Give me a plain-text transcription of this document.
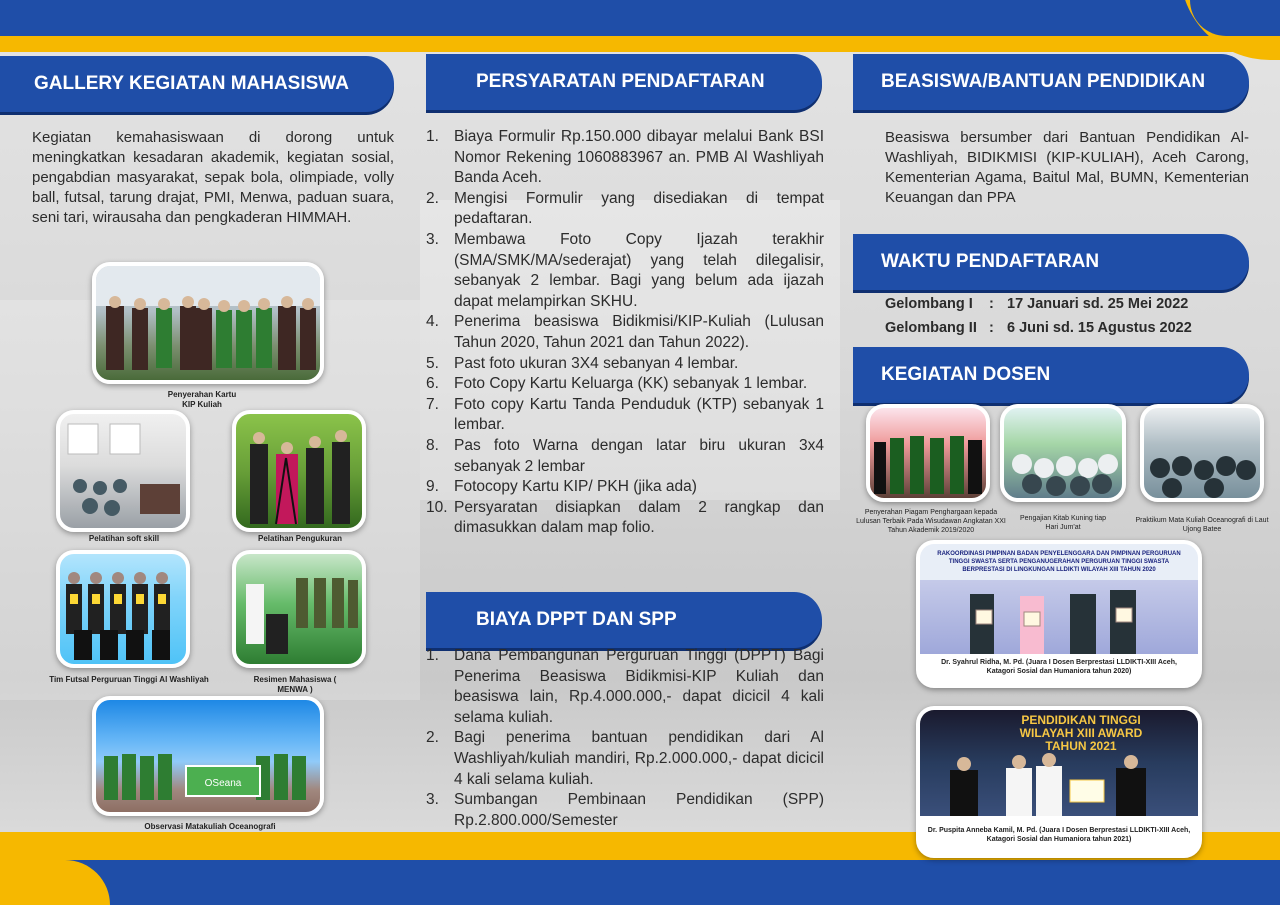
GALLERY KEGIATAN MAHASISWA

Kegiatan kemahasiswaan di dorong untuk meningkatkan kesadaran akademik, kegiatan sosial, pengabdian masyarakat, sepak bola, olimpiade, volly ball, futsal, tarung drajat, PMI, Menwa, paduan suara, seni tari, wirausaha dan pengkaderan HIMMAH.

Penyerahan Kartu KIP Kuliah
Pelatihan soft skill	Pelatihan Pengukuran
Tim Futsal Perguruan Tinggi Al Washliyah	Resimen Mahasiswa ( MENWA )
OSeana
Observasi Matakuliah Oceanografi
PERSYARATAN PENDAFTARAN
1. Biaya Formulir Rp.150.000 dibayar melalui Bank BSI Nomor Rekening 1060883967 an. PMB Al Washliyah Banda Aceh.
2. Mengisi Formulir yang disediakan di tempat pedaftaran.
3. Membawa Foto Copy Ijazah terakhir (SMA/SMK/MA/sederajat) yang telah dilegalisir, sebanyak 2 lembar. Bagi yang belum ada ijazah dapat melampirkan SKHU.
4. Penerima beasiswa Bidikmisi/KIP-Kuliah (Lulusan Tahun 2020, Tahun 2021 dan Tahun 2022).
5. Past foto ukuran 3X4 sebanyan 4 lembar.
6. Foto Copy Kartu Keluarga (KK) sebanyak 1 lembar.
7. Foto copy Kartu Tanda Penduduk (KTP) sebanyak 1 lembar.
8. Pas foto Warna dengan latar biru ukuran 3x4 sebanyak 2 lembar
9. Fotocopy Kartu KIP/ PKH (jika ada)
10. Persyaratan disiapkan dalam 2 rangkap dan dimasukkan dalam map folio.
BIAYA DPPT DAN SPP
1. Dana Pembangunan Perguruan Tinggi (DPPT) Bagi Penerima Beasiswa Bidikmisi-KIP Kuliah dan beasiswa lain, Rp.4.000.000,- dapat dicicil 4 kali selama kuliah.
2. Bagi penerima bantuan pendidikan dari Al Washliyah/kuliah mandiri, Rp.2.000.000,- dapat dicicil 4 kali selama kuliah.
3. Sumbangan Pembinaan Pendidikan (SPP) Rp.2.800.000/Semester
BEASISWA/BANTUAN PENDIDIKAN

Beasiswa bersumber dari Bantuan Pendidikan Al-Washliyah, BIDIKMISI (KIP-KULIAH), Aceh Carong, Kementerian Agama, Baitul Mal, BUMN, Kementerian Keuangan dan PPA

WAKTU PENDAFTARAN
Gelombang I	: 17 Januari sd. 25 Mei 2022
Gelombang II : 6 Juni sd. 15 Agustus 2022
KEGIATAN DOSEN
Penyerahan Piagam Penghargaan kepada Lulusan Terbaik Pada Wisudawan Angkatan XXI Tahun Akademik 2019/2020
Pengajian Kitab Kuning tiap Hari Jum'at
Praktikum Mata Kuliah Oceanografi di Laut Ujong Batee
RAKOORDINASI PIMPINAN BADAN PENYELENGGARA DAN PIMPINAN PERGURUAN TINGGI SWASTA SERTA PENGANUGERAHAN PERGURUAN TINGGI SWASTA BERPRESTASI DI LINGKUNGAN LLDIKTI WILAYAH XIII TAHUN 2020
Dr. Syahrul Ridha, M. Pd. (Juara I Dosen Berprestasi LLDIKTI-XIII Aceh, Katagori Sosial dan Humaniora tahun 2020)
PENDIDIKAN TINGGI WILAYAH XIII AWARD TAHUN 2021
Dr. Puspita Anneba Kamil, M. Pd. (Juara I Dosen Berprestasi LLDIKTI-XIII Aceh, Katagori Sosial dan Humaniora tahun 2021)
